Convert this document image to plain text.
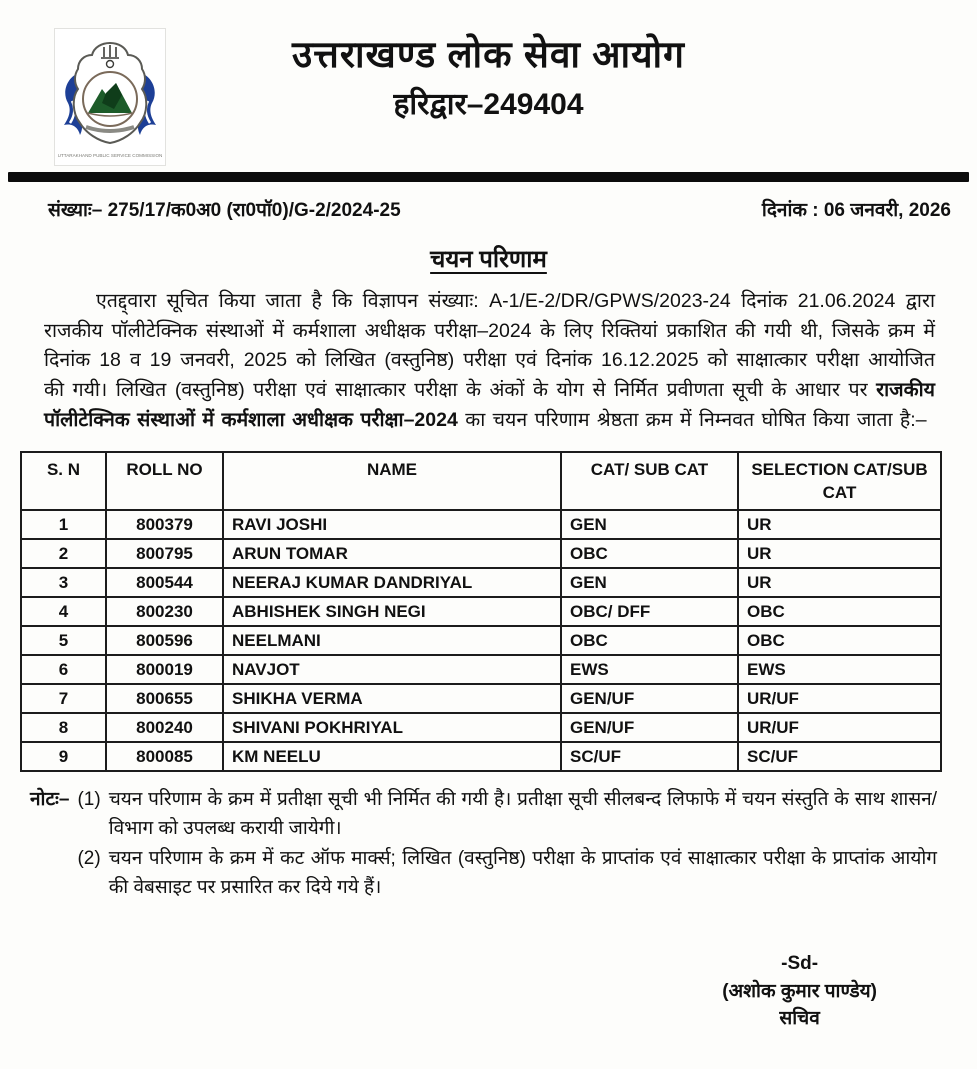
UTTARAKHAND PUBLIC SERVICE COMMISSION
उत्तराखण्ड लोक सेवा आयोग
हरिद्वार–249404
संख्याः– 275/17/क0अ0 (रा0पॉ0)/G-2/2024-25	दिनांक : 06 जनवरी, 2026
चयन परिणाम

एतद्द्वारा सूचित किया जाता है कि विज्ञापन संख्याः: A-1/E-2/DR/GPWS/2023-24 दिनांक 21.06.2024 द्वारा राजकीय पॉलीटेक्निक संस्थाओं में कर्मशाला अधीक्षक परीक्षा–2024 के लिए रिक्तियां प्रकाशित की गयी थी, जिसके क्रम में दिनांक 18 व 19 जनवरी, 2025 को लिखित (वस्तुनिष्ठ) परीक्षा एवं दिनांक 16.12.2025 को साक्षात्कार परीक्षा आयोजित की गयी। लिखित (वस्तुनिष्ठ) परीक्षा एवं साक्षात्कार परीक्षा के अंकों के योग से निर्मित प्रवीणता सूची के आधार पर राजकीय पॉलीटेक्निक संस्थाओं में कर्मशाला अधीक्षक परीक्षा–2024 का चयन परिणाम श्रेष्ठता क्रम में निम्नवत घोषित किया जाता है:–

S. N	ROLL NO	NAME	CAT/ SUB CAT	SELECTION CAT/SUB CAT
1	800379	RAVI JOSHI	GEN	UR
2	800795	ARUN TOMAR	OBC	UR
3	800544	NEERAJ KUMAR DANDRIYAL	GEN	UR
4	800230	ABHISHEK SINGH NEGI	OBC/ DFF	OBC
5	800596	NEELMANI	OBC	OBC
6	800019	NAVJOT	EWS	EWS
7	800655	SHIKHA VERMA	GEN/UF	UR/UF
8	800240	SHIVANI POKHRIYAL	GEN/UF	UR/UF
9	800085	KM NEELU	SC/UF	SC/UF
नोटः– (1) चयन परिणाम के क्रम में प्रतीक्षा सूची भी निर्मित की गयी है। प्रतीक्षा सूची सीलबन्द लिफाफे में चयन संस्तुति के साथ शासन/विभाग को उपलब्ध करायी जायेगी।
(2) चयन परिणाम के क्रम में कट ऑफ मार्क्स; लिखित (वस्तुनिष्ठ) परीक्षा के प्राप्तांक एवं साक्षात्कार परीक्षा के प्राप्तांक आयोग की वेबसाइट पर प्रसारित कर दिये गये हैं।
-Sd-
(अशोक कुमार पाण्डेय)
सचिव
